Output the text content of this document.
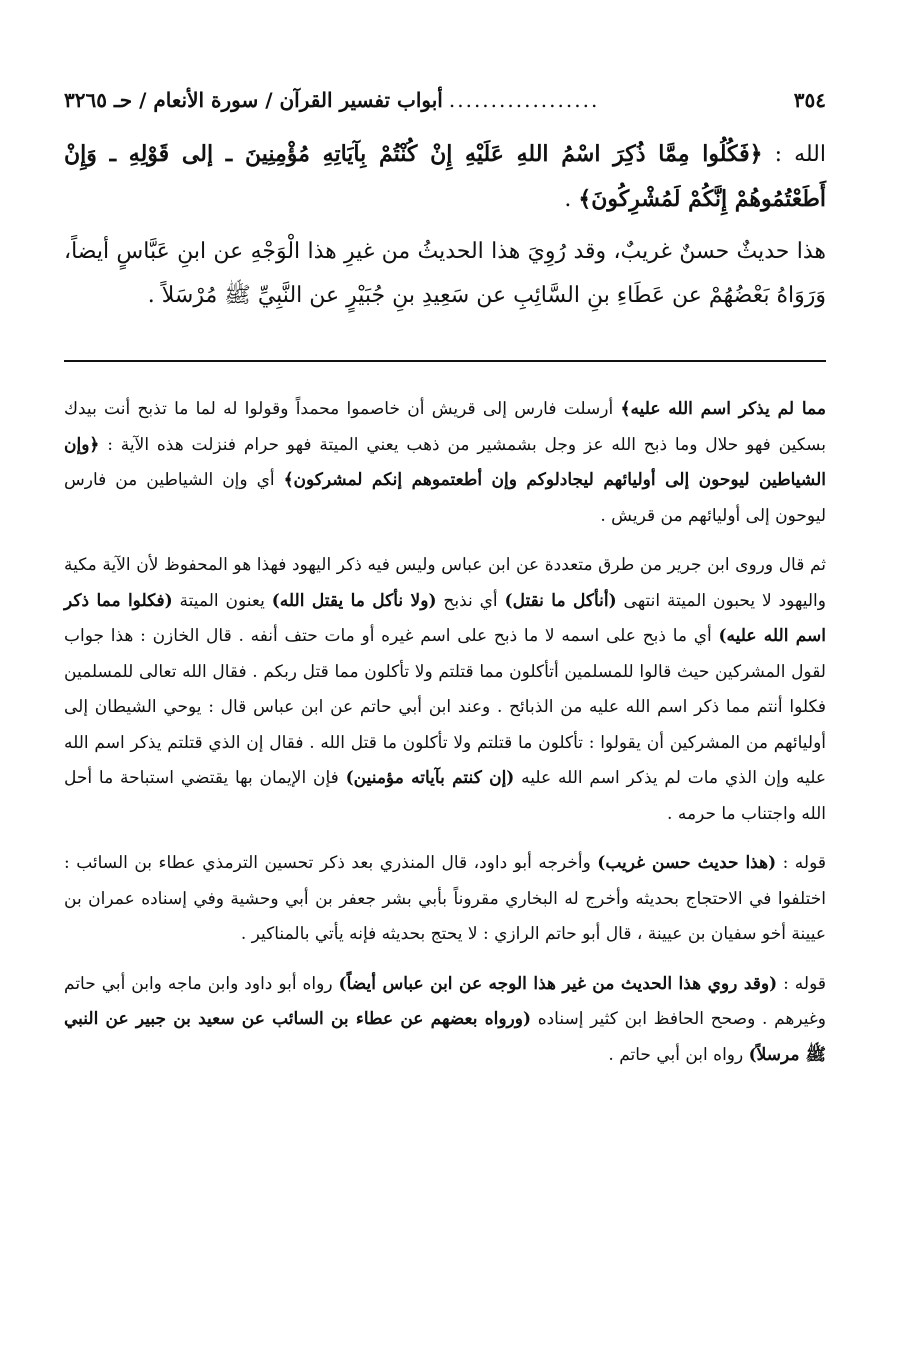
٣٥٤
..................
أبواب تفسير القرآن / سورة الأنعام / حـ ٣٢٦٥

الله : ﴿فَكُلُوا مِمَّا ذُكِرَ اسْمُ اللهِ عَلَيْهِ إِنْ كُنْتُمْ بِآيَاتِهِ مُؤْمِنِينَ ـ إلى قَوْلِهِ ـ وَإِنْ أَطَعْتُمُوهُمْ إِنَّكُمْ لَمُشْرِكُونَ﴾ .

هذا حديثٌ حسنٌ غريبٌ، وقد رُوِيَ هذا الحديثُ من غيرِ هذا الْوَجْهِ عن ابنِ عَبَّاسٍ أيضاً، وَرَوَاهُ بَعْضُهُمْ عن عَطَاءِ بنِ السَّائِبِ عن سَعِيدِ بنِ جُبَيْرٍ عن النَّبِيِّ ﷺ مُرْسَلاً .

مما لم يذكر اسم الله عليه﴾ أرسلت فارس إلى قريش أن خاصموا محمداً وقولوا له لما ما تذبح أنت بيدك بسكين فهو حلال وما ذبح الله عز وجل بشمشير من ذهب يعني الميتة فهو حرام فنزلت هذه الآية : ﴿وإن الشياطين ليوحون إلى أوليائهم ليجادلوكم وإن أطعتموهم إنكم لمشركون﴾ أي وإن الشياطين من فارس ليوحون إلى أوليائهم من قريش .

ثم قال وروى ابن جرير من طرق متعددة عن ابن عباس وليس فيه ذكر اليهود فهذا هو المحفوظ لأن الآية مكية واليهود لا يحبون الميتة انتهى (أنأكل ما نقتل) أي نذبح (ولا نأكل ما يقتل الله) يعنون الميتة (فكلوا مما ذكر اسم الله عليه) أي ما ذبح على اسمه لا ما ذبح على اسم غيره أو مات حتف أنفه . قال الخازن : هذا جواب لقول المشركين حيث قالوا للمسلمين أتأكلون مما قتلتم ولا تأكلون مما قتل ربكم . فقال الله تعالى للمسلمين فكلوا أنتم مما ذكر اسم الله عليه من الذبائح . وعند ابن أبي حاتم عن ابن عباس قال : يوحي الشيطان إلى أوليائهم من المشركين أن يقولوا : تأكلون ما قتلتم ولا تأكلون ما قتل الله . فقال إن الذي قتلتم يذكر اسم الله عليه وإن الذي مات لم يذكر اسم الله عليه (إن كنتم بآياته مؤمنين) فإن الإيمان بها يقتضي استباحة ما أحل الله واجتناب ما حرمه .

قوله : (هذا حديث حسن غريب) وأخرجه أبو داود، قال المنذري بعد ذكر تحسين الترمذي عطاء بن السائب : اختلفوا في الاحتجاج بحديثه وأخرج له البخاري مقروناً بأبي بشر جعفر بن أبي وحشية وفي إسناده عمران بن عيينة أخو سفيان بن عيينة ، قال أبو حاتم الرازي : لا يحتج بحديثه فإنه يأتي بالمناكير .

قوله : (وقد روي هذا الحديث من غير هذا الوجه عن ابن عباس أيضاً) رواه أبو داود وابن ماجه وابن أبي حاتم وغيرهم . وصحح الحافظ ابن كثير إسناده (ورواه بعضهم عن عطاء بن السائب عن سعيد بن جبير عن النبي ﷺ مرسلاً) رواه ابن أبي حاتم .
